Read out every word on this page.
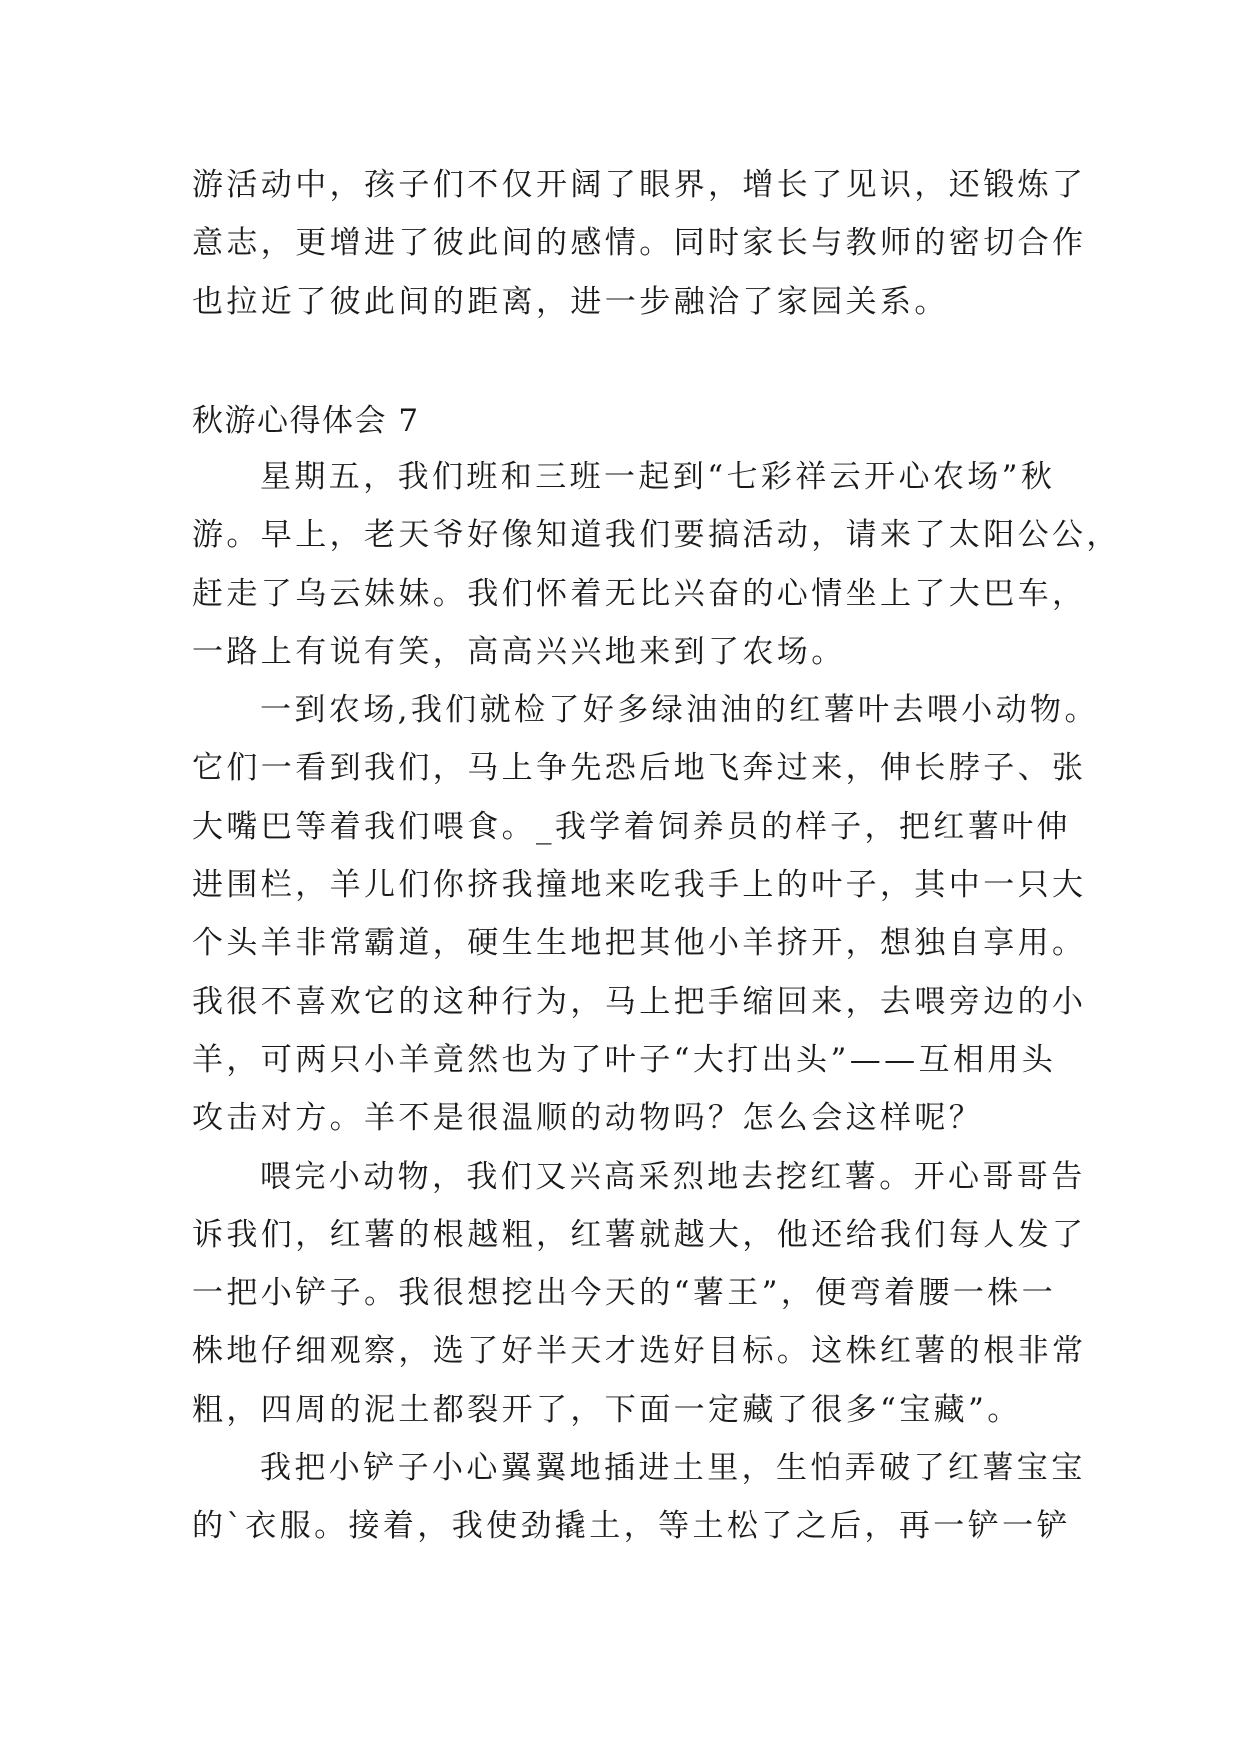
游活动中，孩子们不仅开阔了眼界，增长了见识，还锻炼了
意志，更增进了彼此间的感情。同时家长与教师的密切合作
也拉近了彼此间的距离，进一步融洽了家园关系。
秋游心得体会 7
星期五，我们班和三班一起到“七彩祥云开心农场”秋
游。早上，老天爷好像知道我们要搞活动，请来了太阳公公，
赶走了乌云妹妹。我们怀着无比兴奋的心情坐上了大巴车，
一路上有说有笑，高高兴兴地来到了农场。
一到农场,我们就检了好多绿油油的红薯叶去喂小动物。
它们一看到我们，马上争先恐后地飞奔过来，伸长脖子、张
大嘴巴等着我们喂食。_我学着饲养员的样子，把红薯叶伸
进围栏，羊儿们你挤我撞地来吃我手上的叶子，其中一只大
个头羊非常霸道，硬生生地把其他小羊挤开，想独自享用。
我很不喜欢它的这种行为，马上把手缩回来，去喂旁边的小
羊，可两只小羊竟然也为了叶子“大打出头”——互相用头
攻击对方。羊不是很温顺的动物吗？怎么会这样呢？
喂完小动物，我们又兴高采烈地去挖红薯。开心哥哥告
诉我们，红薯的根越粗，红薯就越大，他还给我们每人发了
一把小铲子。我很想挖出今天的“薯王”，便弯着腰一株一
株地仔细观察，选了好半天才选好目标。这株红薯的根非常
粗，四周的泥土都裂开了，下面一定藏了很多“宝藏”。
我把小铲子小心翼翼地插进土里，生怕弄破了红薯宝宝
的`衣服。接着，我使劲撬土，等土松了之后，再一铲一铲
